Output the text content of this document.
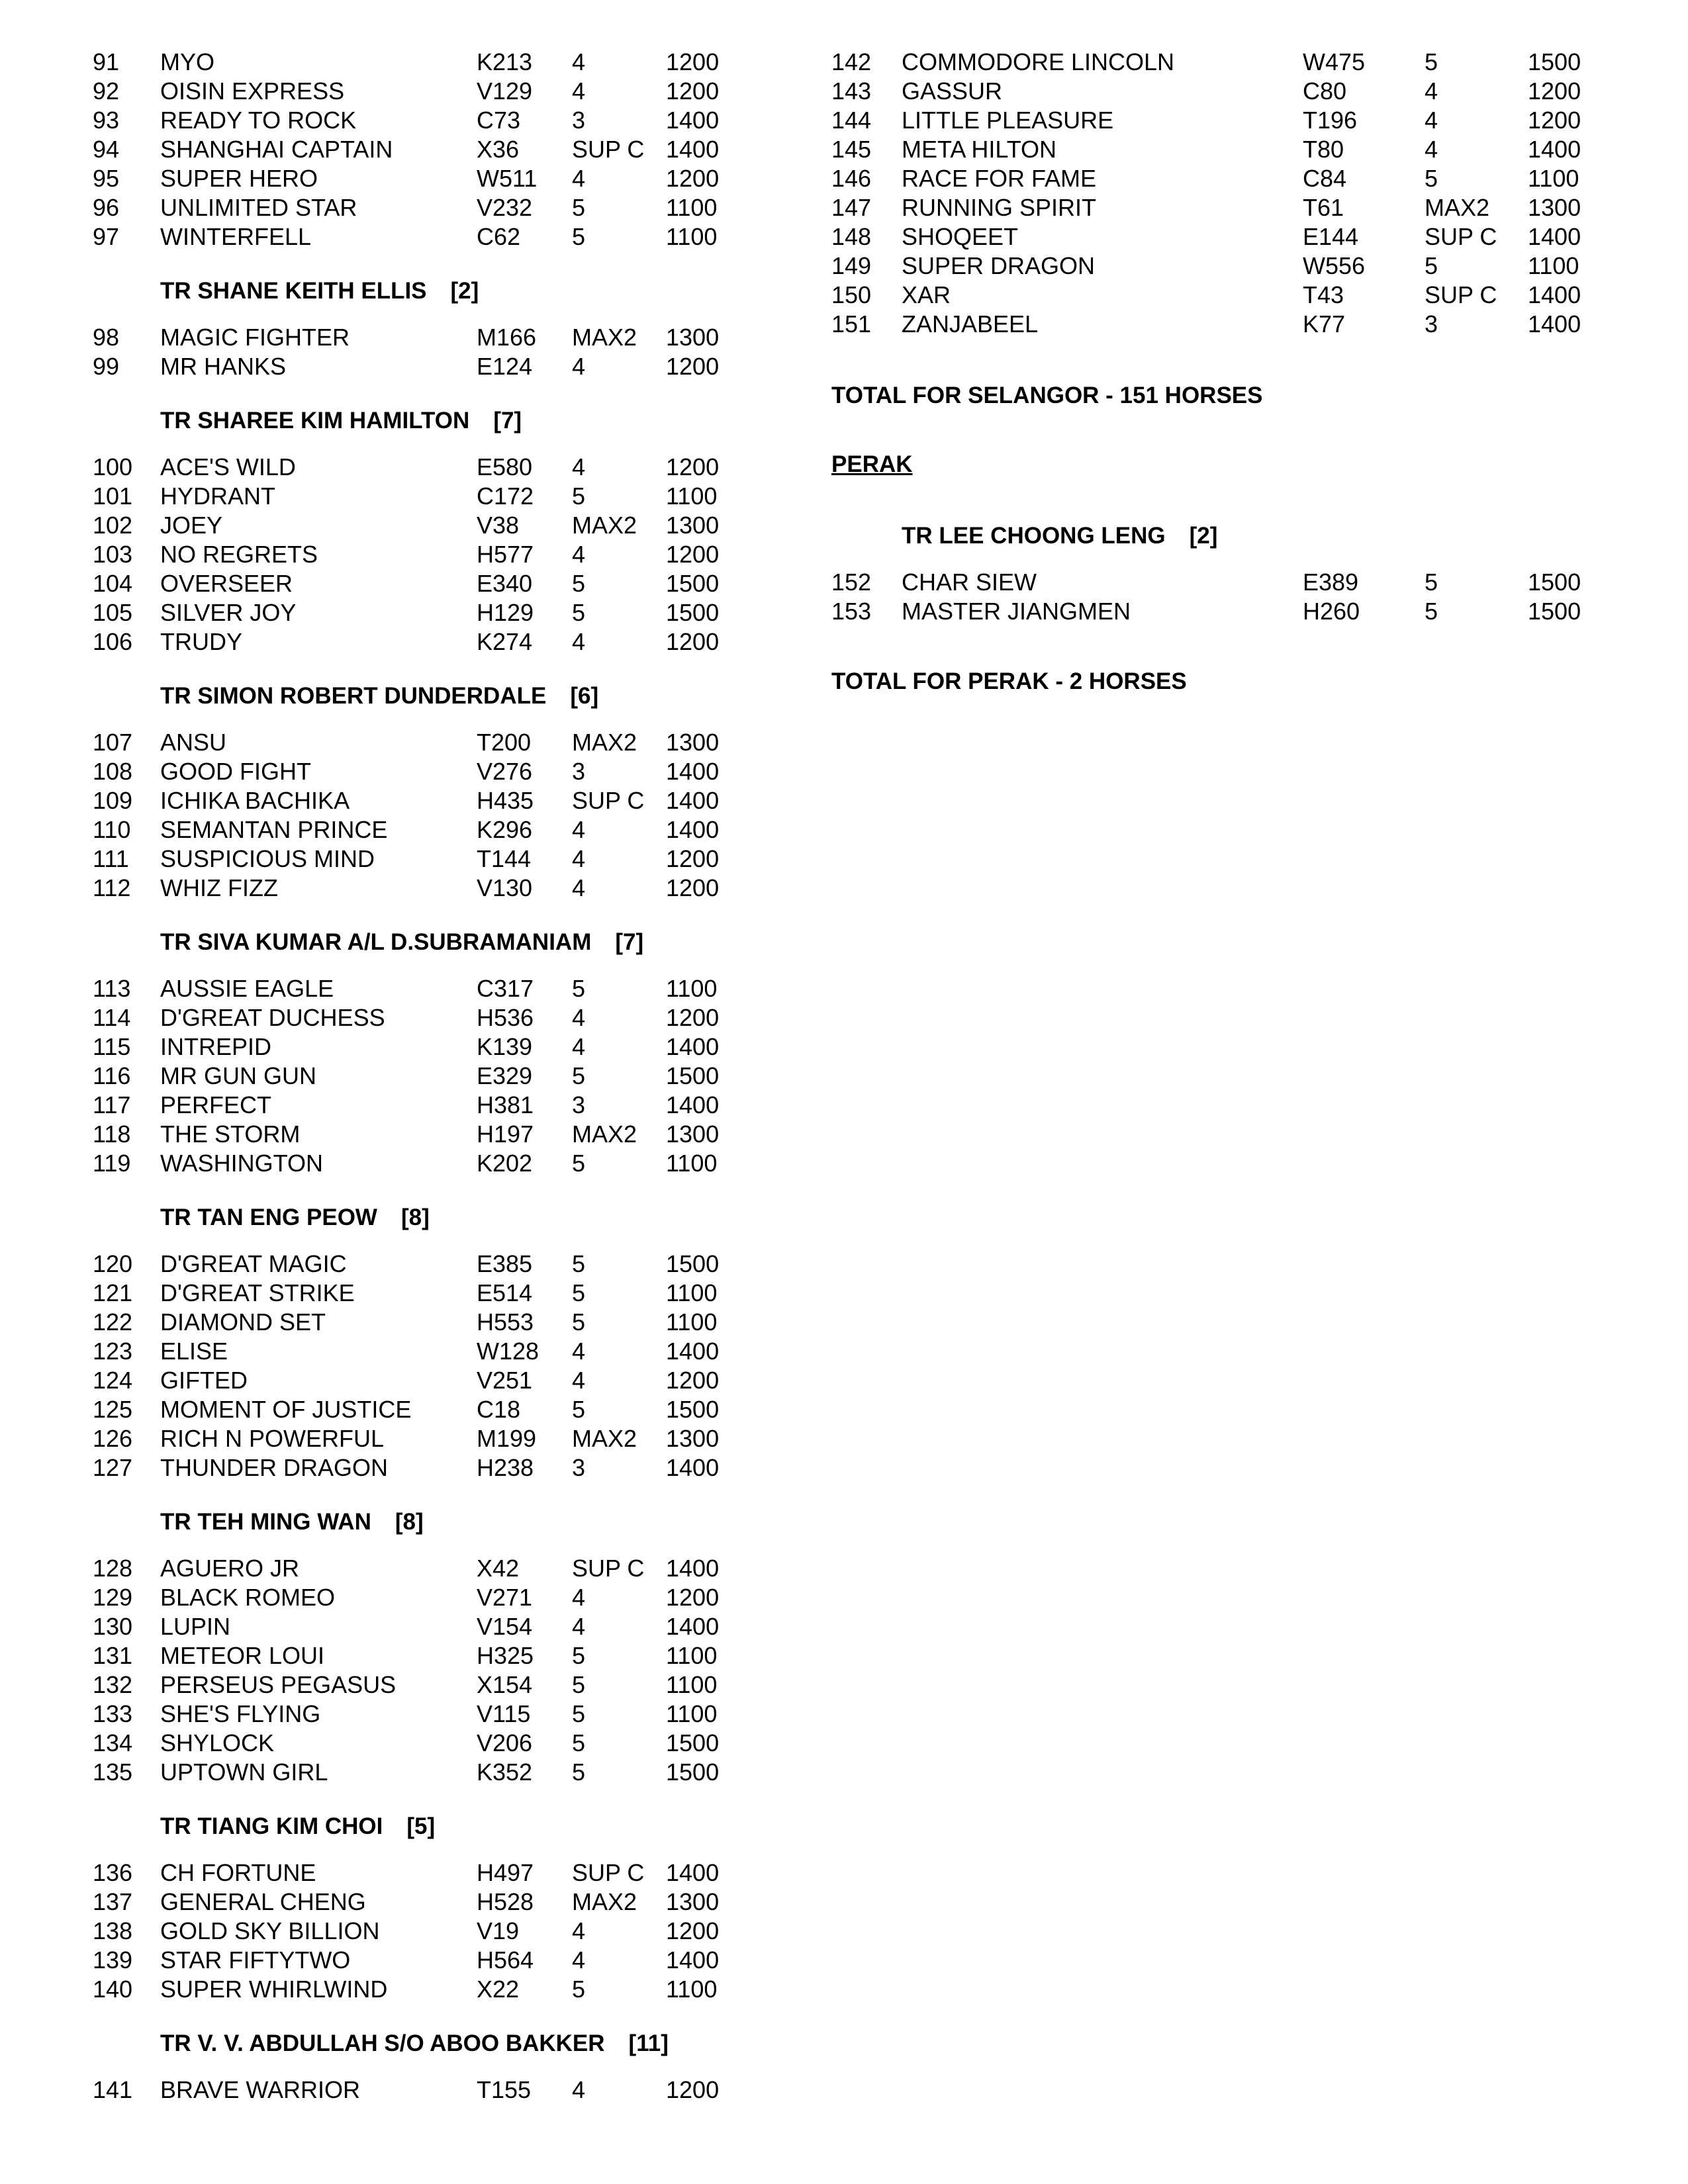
91 MYO	K213 4	1200
92 OISIN EXPRESS	V129 4	1200
93 READY TO ROCK	C73 3	1400
94 SHANGHAI CAPTAIN	X36 SUP C 1400
95 SUPER HERO	W511 4	1200
96 UNLIMITED STAR	V232 5	1100
97 WINTERFELL	C62 5	1100
TR SHANE KEITH ELLIS [2]
98 MAGIC FIGHTER	M166 MAX2 1300
99 MR HANKS	E124 4	1200
TR SHAREE KIM HAMILTON [7]
100 ACE'S WILD	E580 4	1200
101 HYDRANT	C172 5	1100
102 JOEY	V38 MAX2 1300
103 NO REGRETS	H577 4	1200
104 OVERSEER	E340 5	1500
105 SILVER JOY	H129 5	1500
106 TRUDY	K274 4	1200
TR SIMON ROBERT DUNDERDALE [6]
107 ANSU	T200 MAX2 1300
108 GOOD FIGHT	V276 3	1400
109 ICHIKA BACHIKA	H435 SUP C 1400
110 SEMANTAN PRINCE	K296 4	1400
111 SUSPICIOUS MIND	T144 4	1200
112 WHIZ FIZZ	V130 4	1200
TR SIVA KUMAR A/L D.SUBRAMANIAM [7]
113 AUSSIE EAGLE	C317 5	1100
114 D'GREAT DUCHESS	H536 4	1200
115 INTREPID	K139 4	1400
116 MR GUN GUN	E329 5	1500
117 PERFECT	H381 3	1400
118 THE STORM	H197 MAX2 1300
119 WASHINGTON	K202 5	1100
TR TAN ENG PEOW [8]
120 D'GREAT MAGIC	E385 5	1500
121 D'GREAT STRIKE	E514 5	1100
122 DIAMOND SET	H553 5	1100
123 ELISE	W128 4	1400
124 GIFTED	V251 4	1200
125 MOMENT OF JUSTICE	C18 5	1500
126 RICH N POWERFUL	M199 MAX2 1300
127 THUNDER DRAGON	H238 3	1400
TR TEH MING WAN [8]
128 AGUERO JR	X42 SUP C 1400
129 BLACK ROMEO	V271 4	1200
130 LUPIN	V154 4	1400
131 METEOR LOUI	H325 5	1100
132 PERSEUS PEGASUS	X154 5	1100
133 SHE'S FLYING	V115 5	1100
134 SHYLOCK	V206 5	1500
135 UPTOWN GIRL	K352 5	1500
TR TIANG KIM CHOI [5]
136 CH FORTUNE	H497 SUP C 1400
137 GENERAL CHENG	H528 MAX2 1300
138 GOLD SKY BILLION	V19 4	1200
139 STAR FIFTYTWO	H564 4	1400
140 SUPER WHIRLWIND	X22 5	1100
TR V. V. ABDULLAH S/O ABOO BAKKER [11]
141 BRAVE WARRIOR	T155 4	1200
142 COMMODORE LINCOLN	W475 5	1500
143 GASSUR	C80	4	1200
144 LITTLE PLEASURE	T196	4	1200
145 META HILTON	T80	4	1400
146 RACE FOR FAME	C84	5	1100
147 RUNNING SPIRIT	T61	MAX2 1300
148 SHOQEET	E144	SUP C 1400
149 SUPER DRAGON	W556 5	1100
150 XAR	T43	SUP C 1400
151 ZANJABEEL	K77	3	1400
TOTAL FOR SELANGOR - 151 HORSES
PERAK
TR LEE CHOONG LENG [2]
152 CHAR SIEW	E389	5	1500
153 MASTER JIANGMEN	H260	5	1500
TOTAL FOR PERAK - 2 HORSES
